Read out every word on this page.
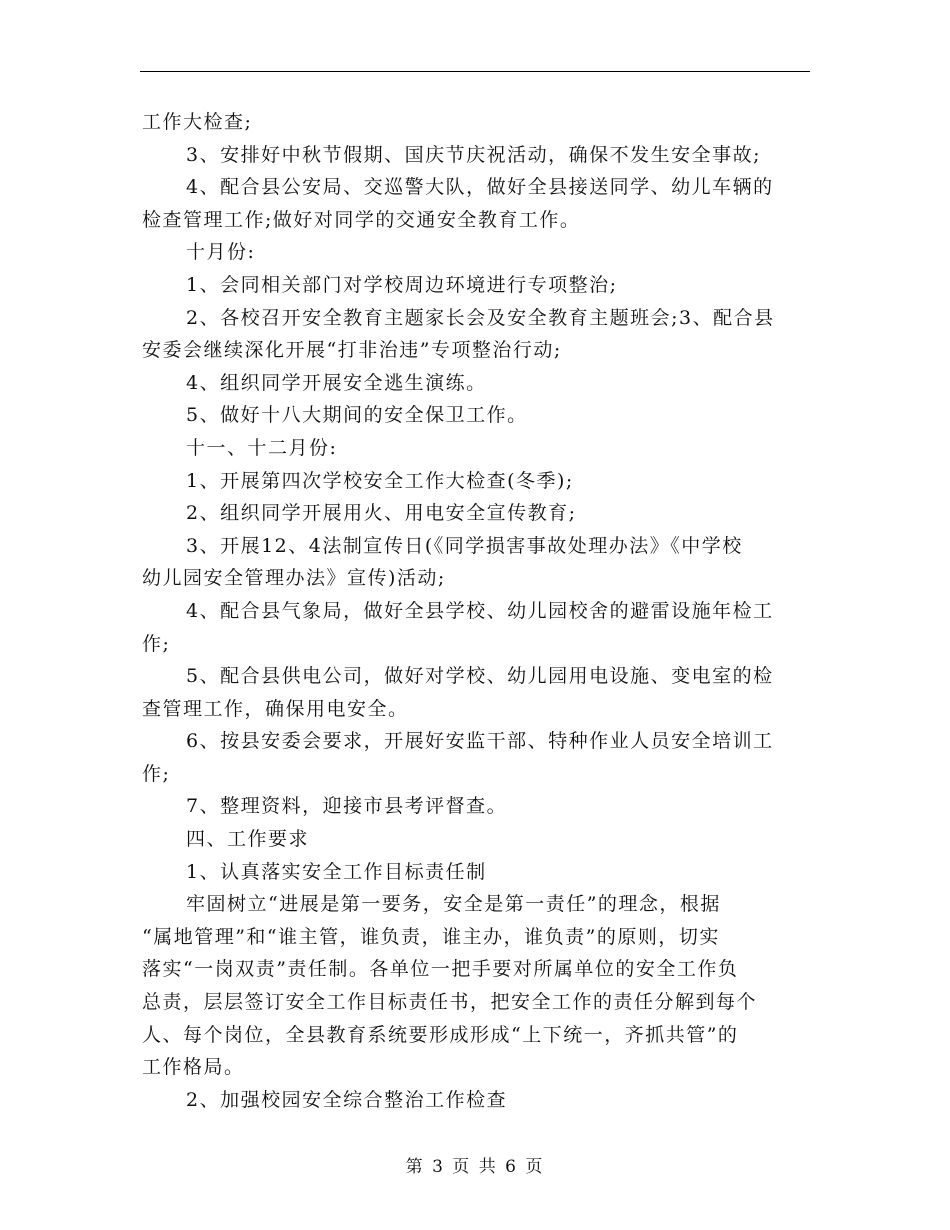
工作大检查;
3、安排好中秋节假期、国庆节庆祝活动，确保不发生安全事故;
4、配合县公安局、交巡警大队，做好全县接送同学、幼儿车辆的
检查管理工作;做好对同学的交通安全教育工作。
十月份:
1、会同相关部门对学校周边环境进行专项整治;
2、各校召开安全教育主题家长会及安全教育主题班会;3、配合县
安委会继续深化开展“打非治违”专项整治行动;
4、组织同学开展安全逃生演练。
5、做好十八大期间的安全保卫工作。
十一、十二月份:
1、开展第四次学校安全工作大检查(冬季);
2、组织同学开展用火、用电安全宣传教育;
3、开展12、4法制宣传日(《同学损害事故处理办法》《中学校
幼儿园安全管理办法》宣传)活动;
4、配合县气象局，做好全县学校、幼儿园校舍的避雷设施年检工
作;
5、配合县供电公司，做好对学校、幼儿园用电设施、变电室的检
查管理工作，确保用电安全。
6、按县安委会要求，开展好安监干部、特种作业人员安全培训工
作;
7、整理资料，迎接市县考评督查。
四、工作要求
1、认真落实安全工作目标责任制
牢固树立“进展是第一要务，安全是第一责任”的理念，根据
“属地管理”和“谁主管，谁负责，谁主办，谁负责”的原则，切实
落实“一岗双责”责任制。各单位一把手要对所属单位的安全工作负
总责，层层签订安全工作目标责任书，把安全工作的责任分解到每个
人、每个岗位，全县教育系统要形成形成“上下统一，齐抓共管”的
工作格局。
2、加强校园安全综合整治工作检查
第 3 页 共 6 页
